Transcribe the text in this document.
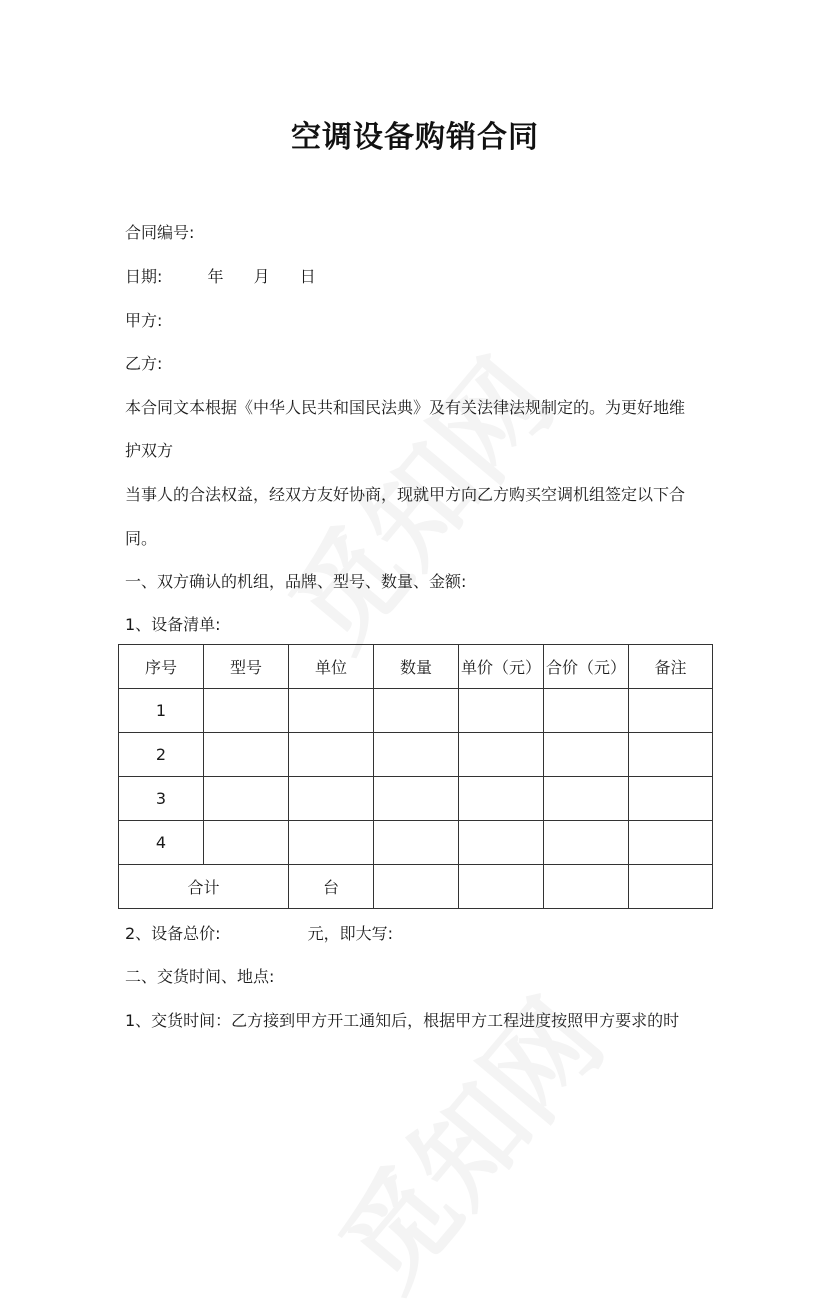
空调设备购销合同
合同编号:
日期:	年 月 日
甲方:
乙方:
本合同文本根据《中华人民共和国民法典》及有关法律法规制定的。为更好地维
护双方
当事人的合法权益，经双方友好协商，现就甲方向乙方购买空调机组签定以下合
同。
一、双方确认的机组，品牌、型号、数量、金额:
1、设备清单:
序号	型号	单位	数量	单价（元）	合价（元）	备注
1						
2						
3						
4						
合计		台				
2、设备总价:	元，即大写:
二、交货时间、地点:
1、交货时间：乙方接到甲方开工通知后，根据甲方工程进度按照甲方要求的时
